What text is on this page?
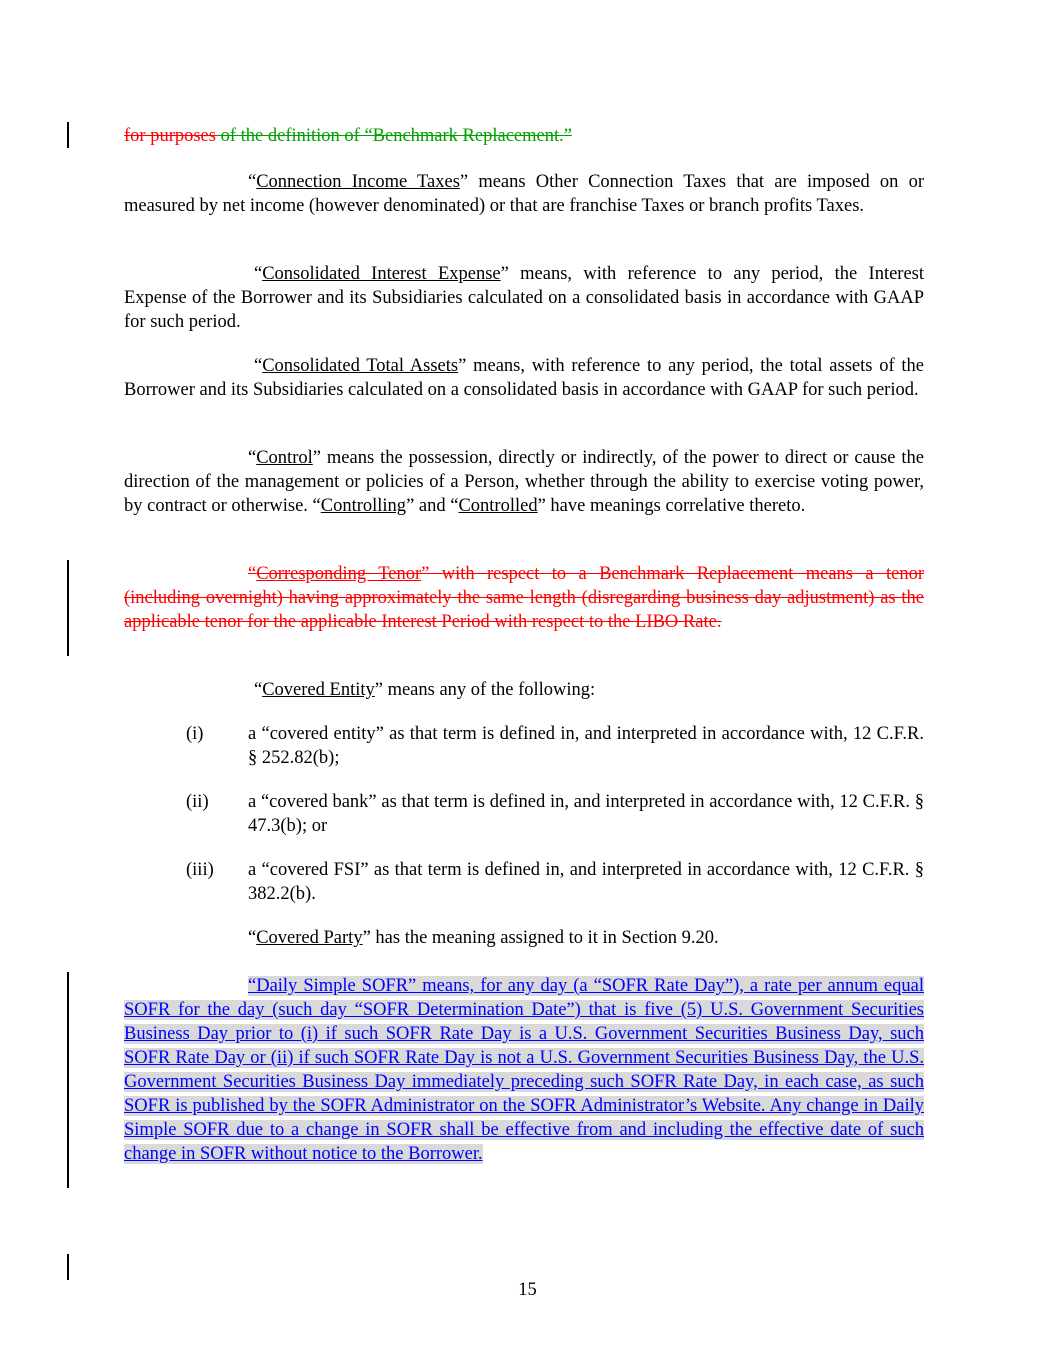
for purposes of the definition of “Benchmark Replacement.”
“Connection Income Taxes” means Other Connection Taxes that are imposed on or measured by net income (however denominated) or that are franchise Taxes or branch profits Taxes.
“Consolidated Interest Expense” means, with reference to any period, the Interest Expense of the Borrower and its Subsidiaries calculated on a consolidated basis in accordance with GAAP for such period.
“Consolidated Total Assets” means, with reference to any period, the total assets of the Borrower and its Subsidiaries calculated on a consolidated basis in accordance with GAAP for such period.
“Control” means the possession, directly or indirectly, of the power to direct or cause the direction of the management or policies of a Person, whether through the ability to exercise voting power, by contract or otherwise. “Controlling” and “Controlled” have meanings correlative thereto.
“Corresponding Tenor” with respect to a Benchmark Replacement means a tenor (including overnight) having approximately the same length (disregarding business day adjustment) as the applicable tenor for the applicable Interest Period with respect to the LIBO Rate.
“Covered Entity” means any of the following:
(i) a “covered entity” as that term is defined in, and interpreted in accordance with, 12 C.F.R. § 252.82(b);
(ii) a “covered bank” as that term is defined in, and interpreted in accordance with, 12 C.F.R. § 47.3(b); or
(iii) a “covered FSI” as that term is defined in, and interpreted in accordance with, 12 C.F.R. § 382.2(b).
“Covered Party” has the meaning assigned to it in Section 9.20.
“Daily Simple SOFR” means, for any day (a “SOFR Rate Day”), a rate per annum equal SOFR for the day (such day “SOFR Determination Date”) that is five (5) U.S. Government Securities Business Day prior to (i) if such SOFR Rate Day is a U.S. Government Securities Business Day, such SOFR Rate Day or (ii) if such SOFR Rate Day is not a U.S. Government Securities Business Day, the U.S. Government Securities Business Day immediately preceding such SOFR Rate Day, in each case, as such SOFR is published by the SOFR Administrator on the SOFR Administrator’s Website. Any change in Daily Simple SOFR due to a change in SOFR shall be effective from and including the effective date of such change in SOFR without notice to the Borrower.
15
